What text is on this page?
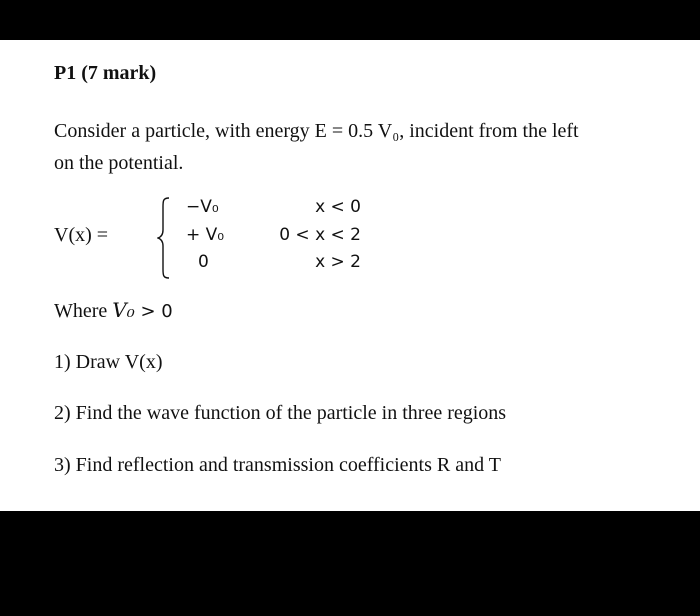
P1 (7 mark)
Consider a particle, with energy E = 0.5 V₀, incident from the left
on the potential.
V(x) =
−V₀	x < 0
+ V₀	0 < x < 2
0	x > 2
Where V₀ > 0
1) Draw V(x)
2) Find the wave function of the particle in three regions
3) Find reflection and transmission coefficients R and T
